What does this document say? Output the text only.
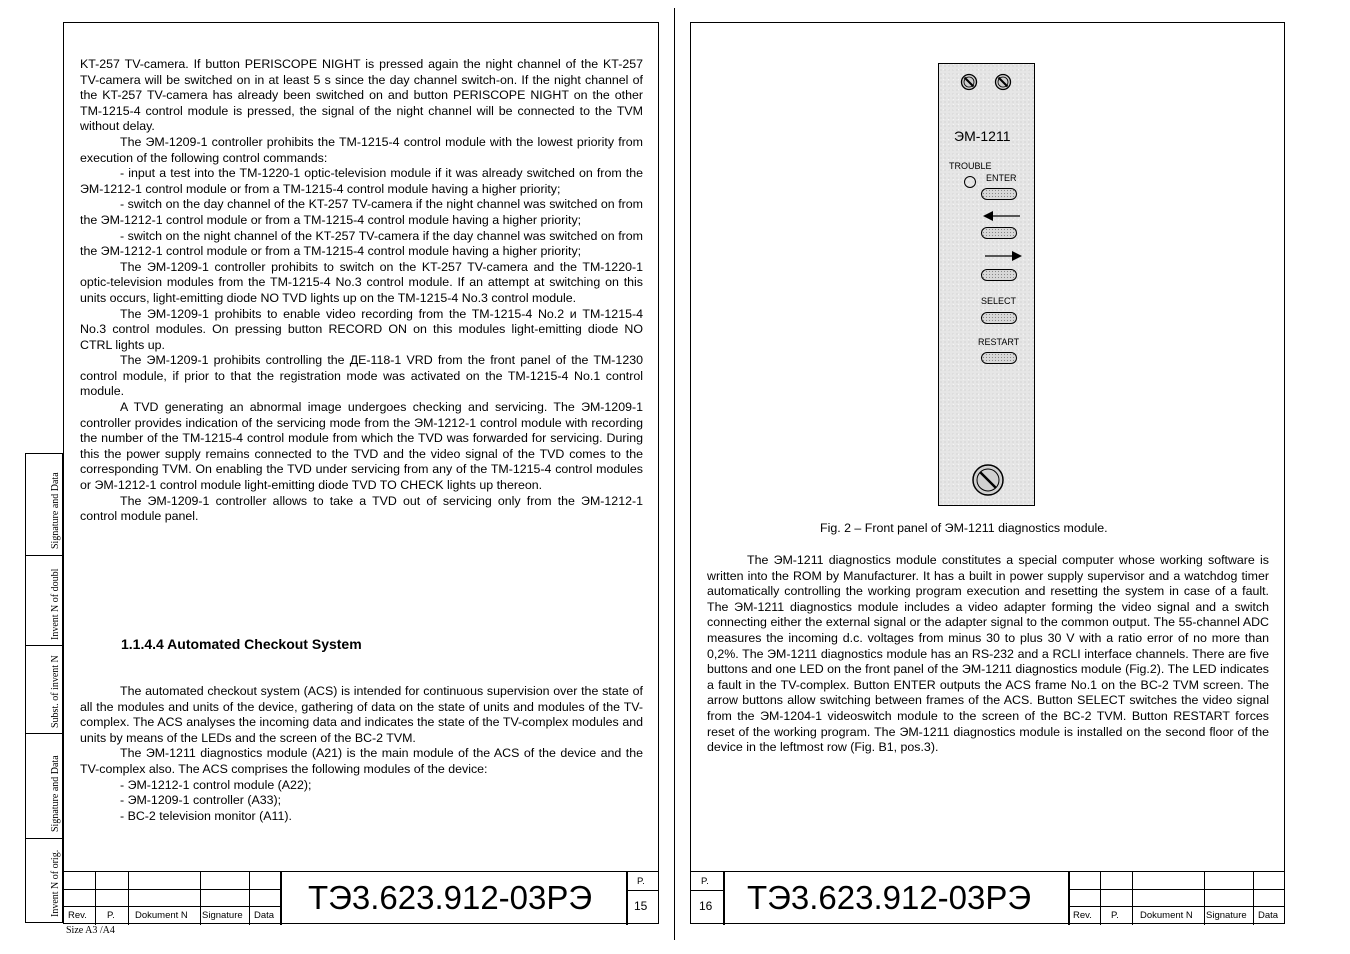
KT-257 TV-camera. If button PERISCOPE NIGHT is pressed again the night channel of the KT-257 TV-camera will be switched on in at least 5 s since the day channel switch-on. If the night channel of the KT-257 TV-camera has already been switched on and button PERISCOPE NIGHT on the other TM-1215-4 control module is pressed, the signal of the night channel will be connected to the TVM without delay.

The ЭМ-1209-1 controller prohibits the TM-1215-4 control module with the lowest priority from execution of the following control commands:

- input a test into the TM-1220-1 optic-television module if it was already switched on from the ЭМ-1212-1 control module or from a TM-1215-4 control module having a higher priority;

- switch on the day channel of the KT-257 TV-camera if the night channel was switched on from the ЭМ-1212-1 control module or from a TM-1215-4 control module having a higher priority;

- switch on the night channel of the KT-257 TV-camera if the day channel was switched on from the ЭМ-1212-1 control module or from a TM-1215-4 control module having a higher priority;

The ЭМ-1209-1 controller prohibits to switch on the KT-257 TV-camera and the TM-1220-1 optic-television modules from the TM-1215-4 No.3 control module. If an attempt at switching on this units occurs, light-emitting diode NO TVD lights up on the TM-1215-4 No.3 control module.

The ЭМ-1209-1 prohibits to enable video recording from the TM-1215-4 No.2 и TM-1215-4 No.3 control modules. On pressing button RECORD ON on this modules light-emitting diode NO CTRL lights up.

The ЭМ-1209-1 prohibits controlling the ДЕ-118-1 VRD from the front panel of the TM-1230 control module, if prior to that the registration mode was activated on the TM-1215-4 No.1 control module.

A TVD generating an abnormal image undergoes checking and servicing. The ЭМ-1209-1 controller provides indication of the servicing mode from the ЭМ-1212-1 control module with recording the number of the TM-1215-4 control module from which the TVD was forwarded for servicing. During this the power supply remains connected to the TVD and the video signal of the TVD comes to the corresponding TVM. On enabling the TVD under servicing from any of the TM-1215-4 control modules or ЭМ-1212-1 control module light-emitting diode TVD TO CHECK lights up thereon.

The ЭМ-1209-1 controller allows to take a TVD out of servicing only from the ЭМ-1212-1 control module panel.

1.1.4.4 Automated Checkout System

The automated checkout system (ACS) is intended for continuous supervision over the state of all the modules and units of the device, gathering of data on the state of units and modules of the TV-complex. The ACS analyses the incoming data and indicates the state of the TV-complex modules and units by means of the LEDs and the screen of the BC-2 TVM.

The ЭМ-1211 diagnostics module (A21) is the main module of the ACS of the device and the TV-complex also. The ACS comprises the following modules of the device:

- ЭМ-1212-1 control module (A22);

- ЭМ-1209-1 controller (A33);

- BC-2 television monitor (A11).

Signature and Data
Invent N of doubl
Subst. of invent N
Signature and Data
Invent N of orig.
Size A3 /A4
Rev. P. Dokument N Signature Data ТЭ3.623.912-03РЭ	P.
15
ЭМ-1211
TROUBLE
ENTER
SELECT
RESTART
Fig. 2 – Front panel of ЭМ-1211 diagnostics module.

The ЭМ-1211 diagnostics module constitutes a special computer whose working software is written into the ROM by Manufacturer. It has a built in power supply supervisor and a watchdog timer automatically controlling the working program execution and resetting the system in case of a fault. The ЭМ-1211 diagnostics module includes a video adapter forming the video signal and a switch connecting either the external signal or the adapter signal to the common output. The 55-channel ADC measures the incoming d.c. voltages from minus 30 to plus 30 V with a ratio error of no more than 0,2%. The ЭМ-1211 diagnostics module has an RS-232 and a RCLI interface channels. There are five buttons and one LED on the front panel of the ЭМ-1211 diagnostics module (Fig.2). The LED indicates a fault in the TV-complex. Button ENTER outputs the ACS frame No.1 on the BC-2 TVM screen. The arrow buttons allow switching between frames of the ACS. Button SELECT switches the video signal from the ЭМ-1204-1 videoswitch module to the screen of the BC-2 TVM. Button RESTART forces reset of the working program. The ЭМ-1211 diagnostics module is installed on the second floor of the device in the leftmost row (Fig. B1, pos.3).

P.
16 ТЭ3.623.912-03РЭ	Rev. P. Dokument N Signature Data
